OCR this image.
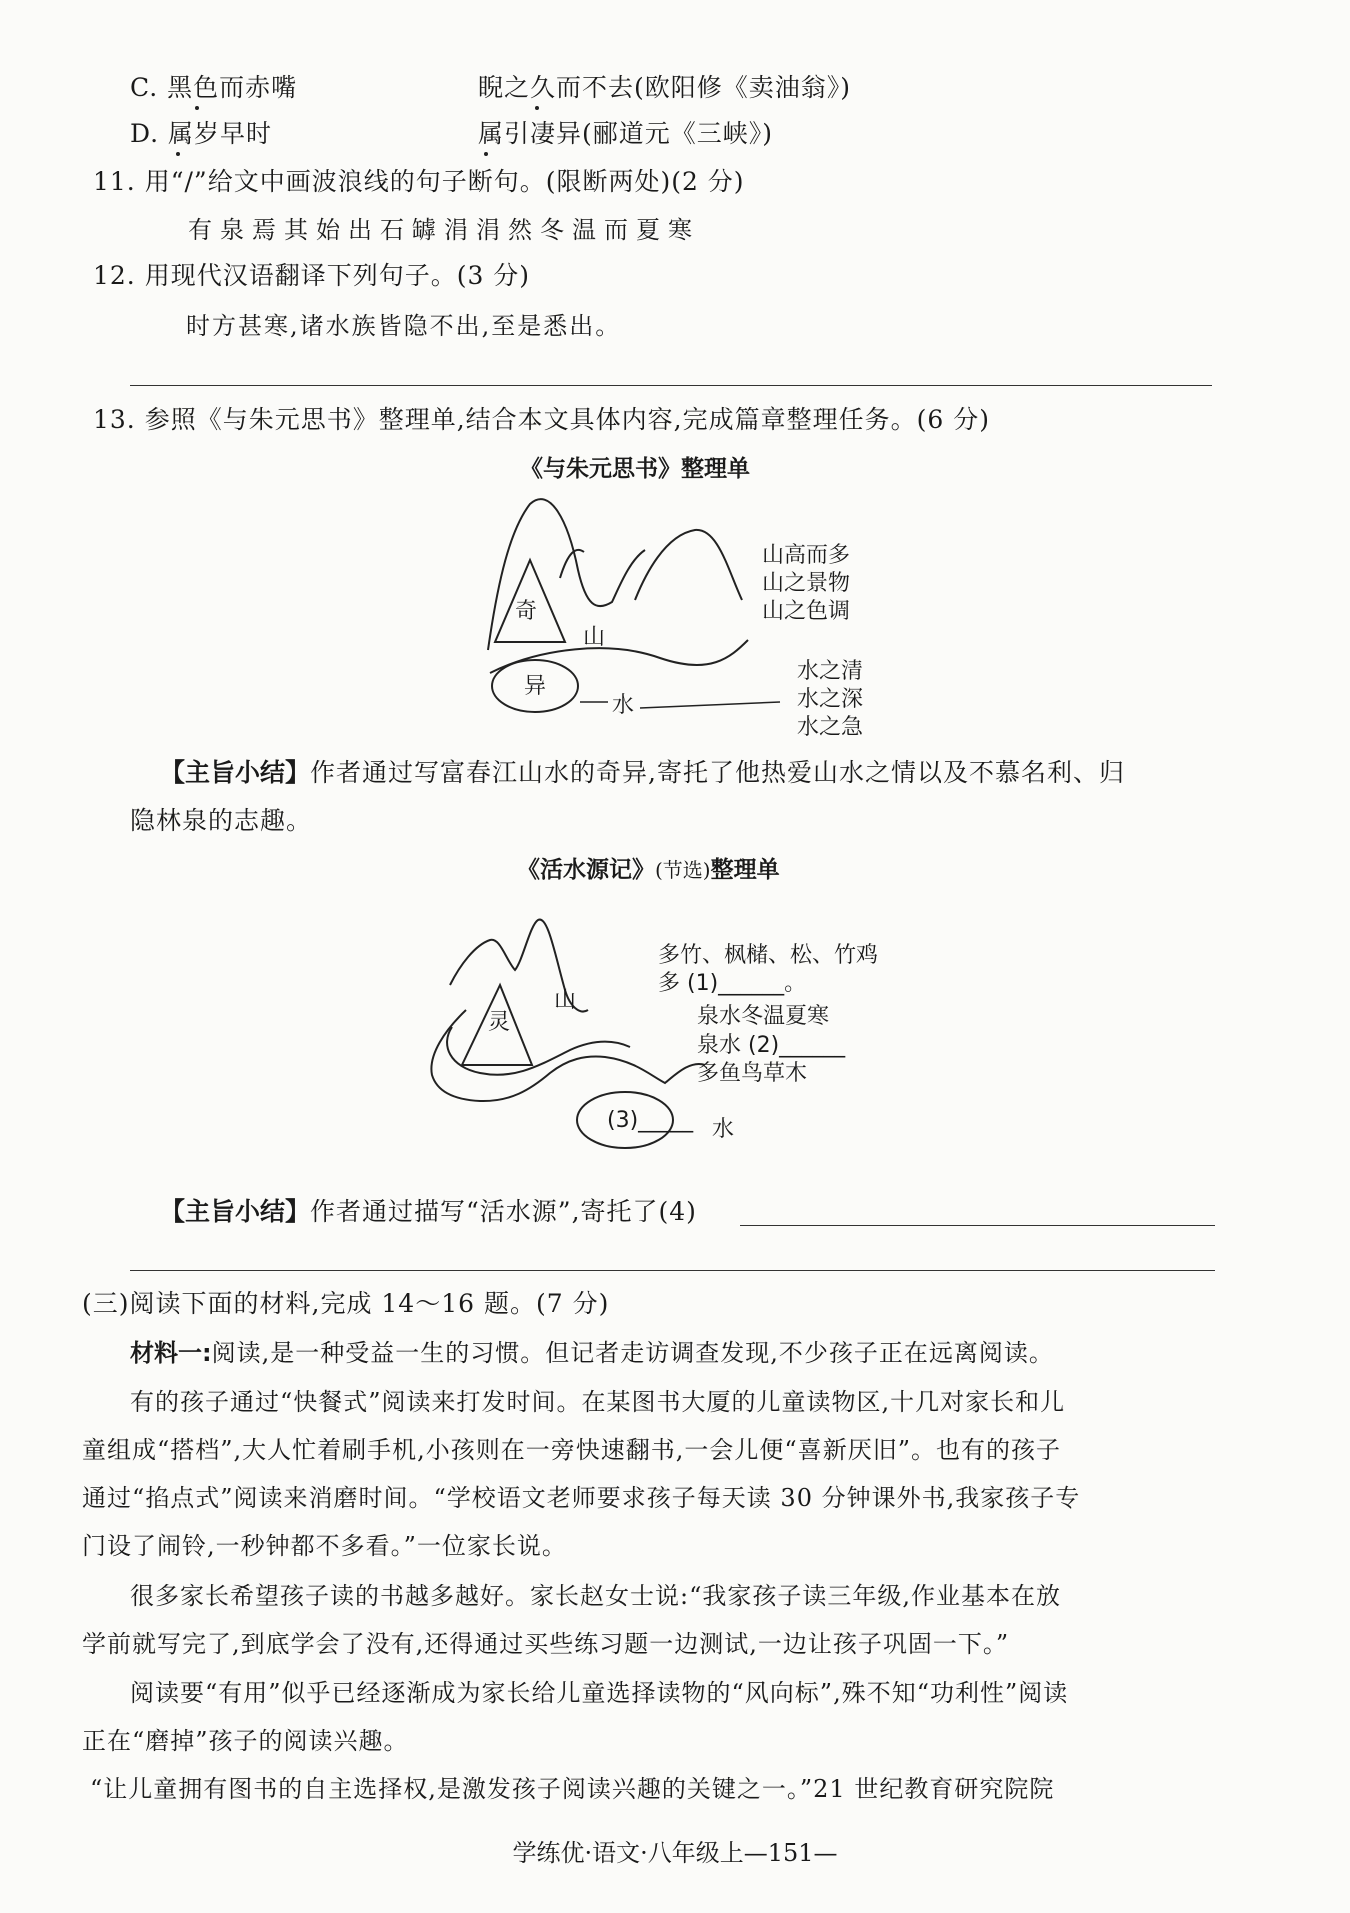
C. 黑色而赤嘴	睨之久而不去(欧阳修《卖油翁》)
D. 属岁早时	属引凄异(郦道元《三峡》)
11. 用“/”给文中画波浪线的句子断句。(限断两处)(2 分)
有泉焉其始出石罅涓涓然冬温而夏寒
12. 用现代汉语翻译下列句子。(3 分)
时方甚寒,诸水族皆隐不出,至是悉出。
13. 参照《与朱元思书》整理单,结合本文具体内容,完成篇章整理任务。(6 分)
《与朱元思书》整理单
奇
山
异
水
山高而多
山之景物
山之色调
水之清
水之深
水之急
【主旨小结】作者通过写富春江山水的奇异,寄托了他热爱山水之情以及不慕名利、归
隐林泉的志趣。
《活水源记》(节选)整理单
灵
山
(3)_____ 水
多竹、枫槠、松、竹鸡
多 (1)______。
泉水冬温夏寒
泉水 (2)______
多鱼鸟草木
【主旨小结】作者通过描写“活水源”,寄托了(4)
(三)阅读下面的材料,完成 14～16 题。(7 分)
材料一:阅读,是一种受益一生的习惯。但记者走访调查发现,不少孩子正在远离阅读。
有的孩子通过“快餐式”阅读来打发时间。在某图书大厦的儿童读物区,十几对家长和儿
童组成“搭档”,大人忙着刷手机,小孩则在一旁快速翻书,一会儿便“喜新厌旧”。也有的孩子
通过“掐点式”阅读来消磨时间。“学校语文老师要求孩子每天读 30 分钟课外书,我家孩子专
门设了闹铃,一秒钟都不多看。”一位家长说。
很多家长希望孩子读的书越多越好。家长赵女士说:“我家孩子读三年级,作业基本在放
学前就写完了,到底学会了没有,还得通过买些练习题一边测试,一边让孩子巩固一下。”
阅读要“有用”似乎已经逐渐成为家长给儿童选择读物的“风向标”,殊不知“功利性”阅读
正在“磨掉”孩子的阅读兴趣。
“让儿童拥有图书的自主选择权,是激发孩子阅读兴趣的关键之一。”21 世纪教育研究院院
学练优·语文·八年级上—151—
